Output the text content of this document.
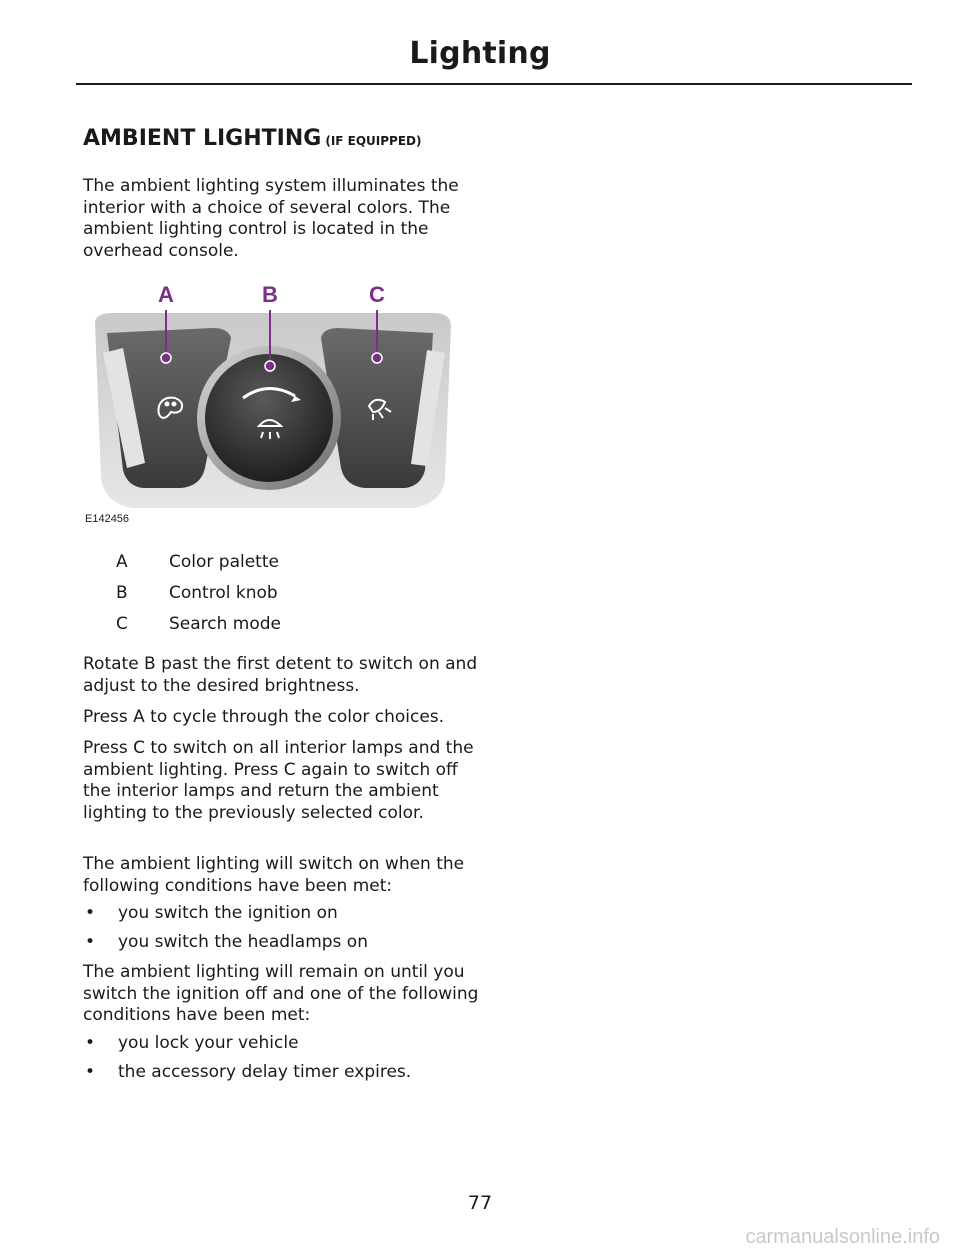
Lighting
AMBIENT LIGHTING (IF EQUIPPED)

The ambient lighting system illuminates the interior with a choice of several colors. The ambient lighting control is located in the overhead console.

A	B	C
E142456
A Color palette
B Control knob
C Search mode

Rotate B past the first detent to switch on and adjust to the desired brightness.

Press A to cycle through the color choices.

Press C to switch on all interior lamps and the ambient lighting. Press C again to switch off the interior lamps and return the ambient lighting to the previously selected color.

The ambient lighting will switch on when the following conditions have been met:

• you switch the ignition on
• you switch the headlamps on

The ambient lighting will remain on until you switch the ignition off and one of the following conditions have been met:

• you lock your vehicle
• the accessory delay timer expires.
77
carmanualsonline.info
